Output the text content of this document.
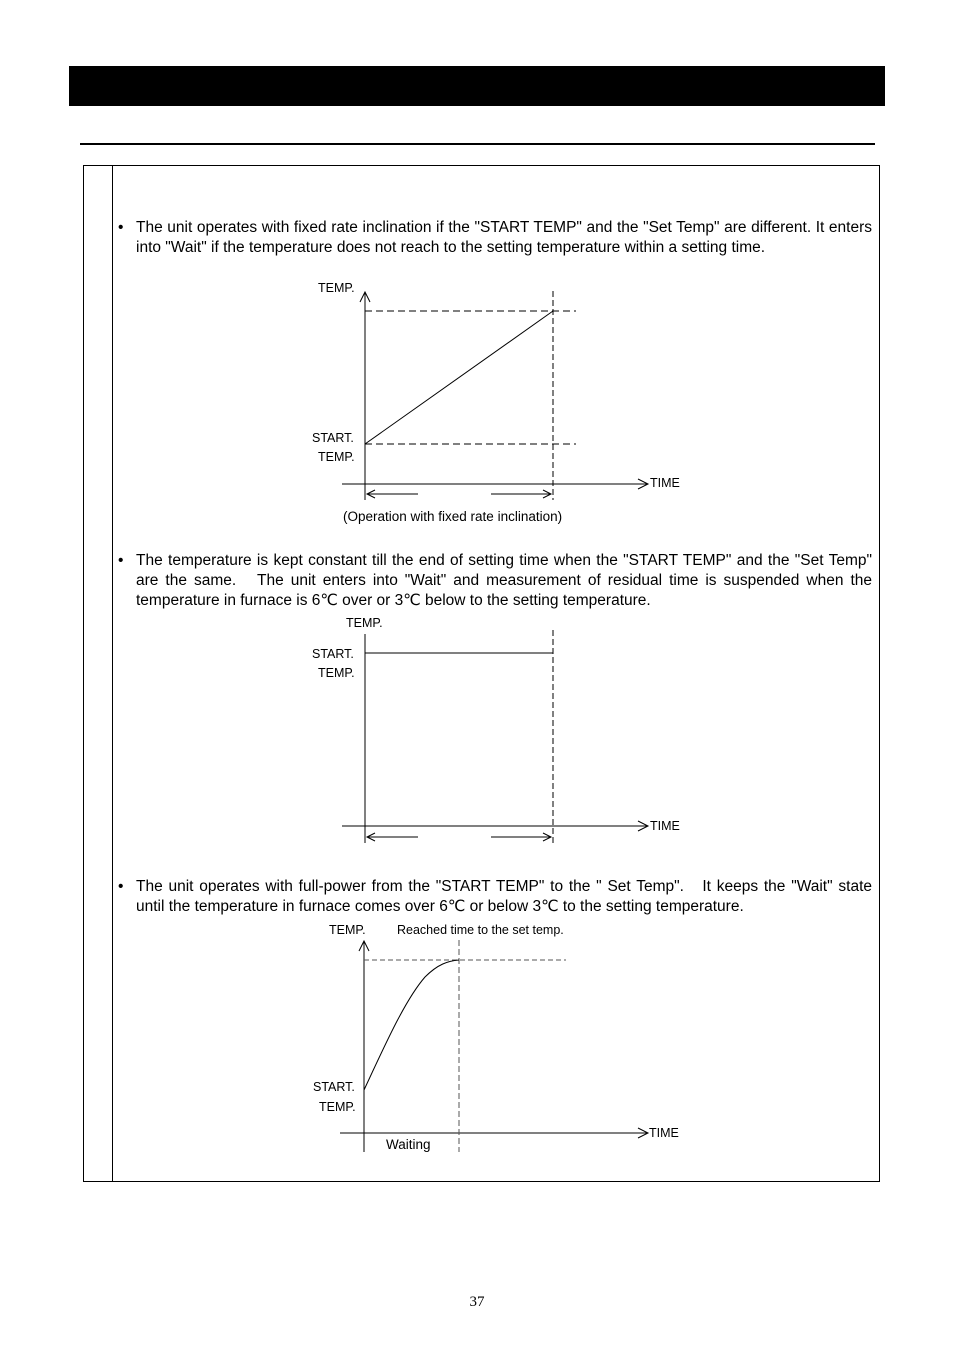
• The unit operates with fixed rate inclination if the "START TEMP" and the "Set Temp" are different. It enters into "Wait" if the temperature does not reach to the setting temperature within a setting time.
• The temperature is kept constant till the end of setting time when the "START TEMP" and the "Set Temp" are the same.　The unit enters into "Wait" and measurement of residual time is suspended when the temperature in furnace is 6℃ over or 3℃ below to the setting temperature.
• The unit operates with full-power from the "START TEMP" to the " Set Temp".　It keeps the "Wait" state until the temperature in furnace comes over 6℃ or below 3℃ to the setting temperature.
TEMP.
START.
TEMP.
TIME
(Operation with fixed rate inclination)
TEMP.
START.
TEMP.
TIME
TEMP.	Reached time to the set temp.
START.
TEMP.
TIME
Waiting
37
